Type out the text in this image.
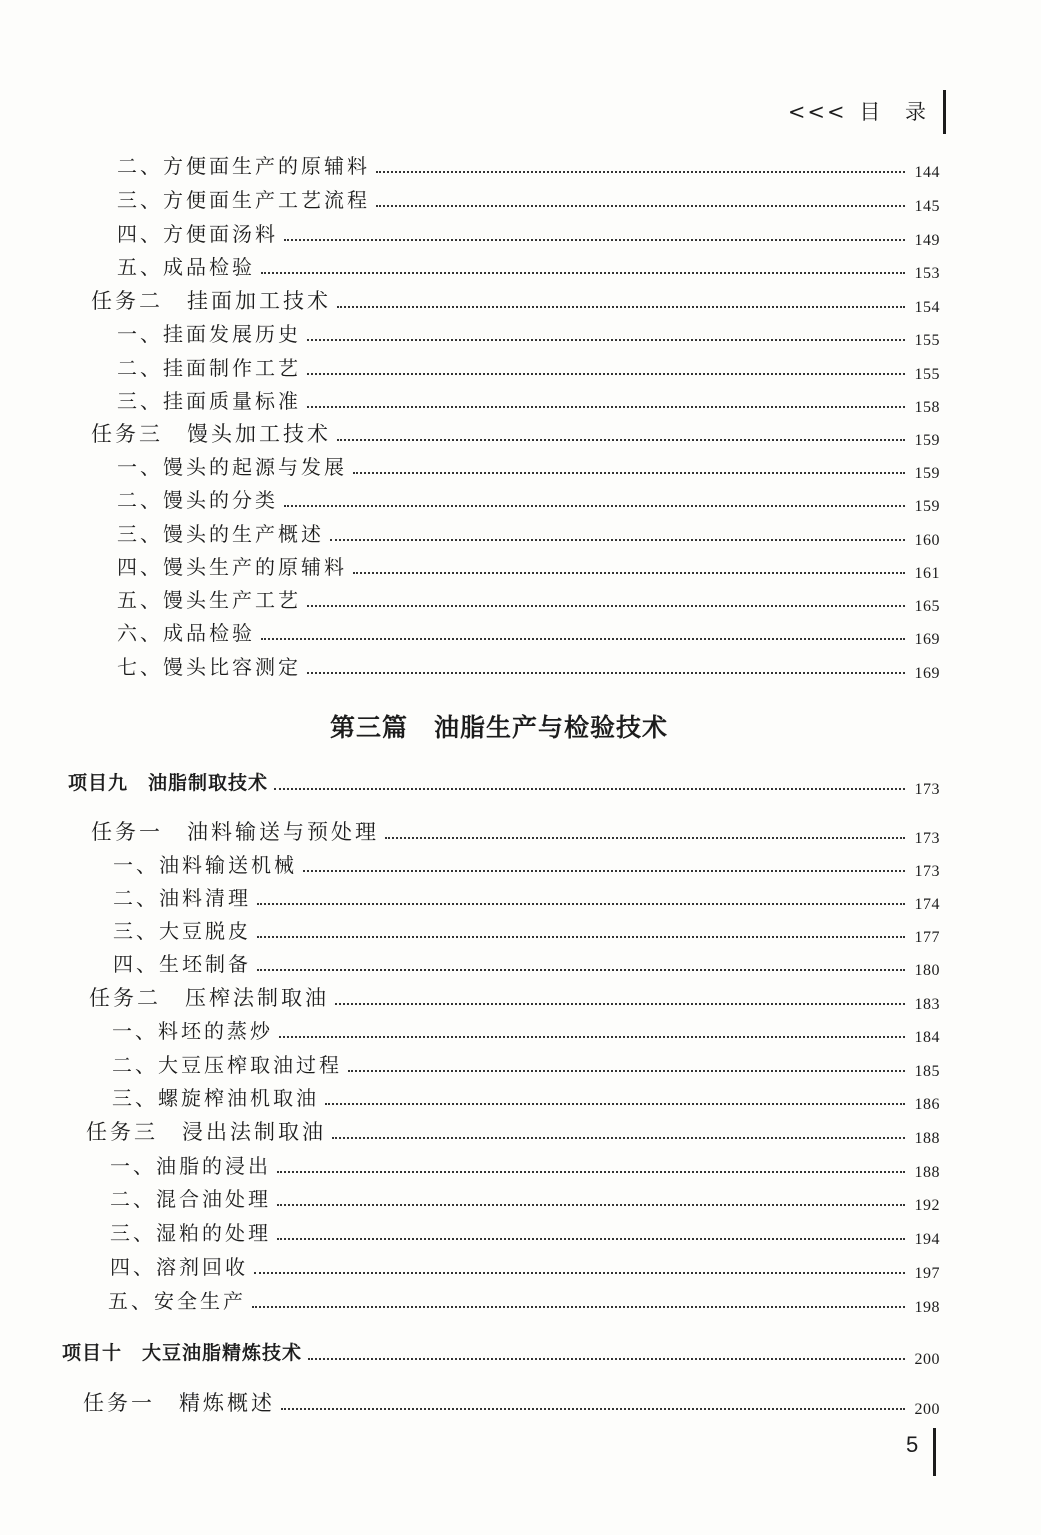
<<< 目 录
二、方便面生产的原辅料	144
三、方便面生产工艺流程	145
四、方便面汤料	149
五、成品检验	153
任务二　挂面加工技术	154
一、挂面发展历史	155
二、挂面制作工艺	155
三、挂面质量标准	158
任务三　馒头加工技术	159
一、馒头的起源与发展	159
二、馒头的分类	159
三、馒头的生产概述	160
四、馒头生产的原辅料	161
五、馒头生产工艺	165
六、成品检验	169
七、馒头比容测定	169
第三篇　油脂生产与检验技术
项目九　油脂制取技术	173
任务一　油料输送与预处理	173
一、油料输送机械	173
二、油料清理	174
三、大豆脱皮	177
四、生坯制备	180
任务二　压榨法制取油	183
一、料坯的蒸炒	184
二、大豆压榨取油过程	185
三、螺旋榨油机取油	186
任务三　浸出法制取油	188
一、油脂的浸出	188
二、混合油处理	192
三、湿粕的处理	194
四、溶剂回收	197
五、安全生产	198
项目十　大豆油脂精炼技术	200
任务一　精炼概述	200
5
